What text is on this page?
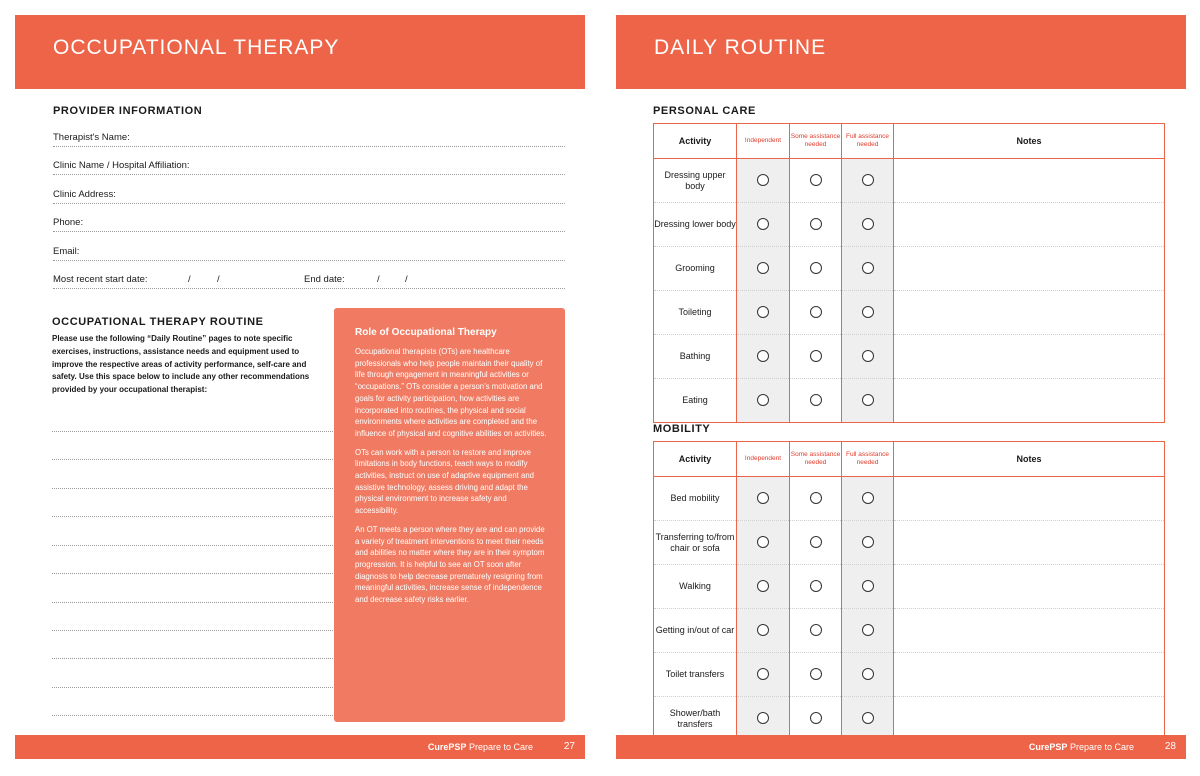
OCCUPATIONAL THERAPY
PROVIDER INFORMATION
Therapist's Name:
Clinic Name / Hospital Affiliation:
Clinic Address:
Phone:
Email:
Most recent start date:	/	/	End date:	/	/
OCCUPATIONAL THERAPY ROUTINE
Please use the following “Daily Routine” pages to note specific exercises, instructions, assistance needs and equipment used to improve the respective areas of activity performance, self-care and safety. Use this space below to include any other recommendations provided by your occupational therapist:
Role of Occupational Therapy

Occupational therapists (OTs) are healthcare professionals who help people maintain their quality of life through engagement in meaningful activities or “occupations.” OTs consider a person’s motivation and goals for activity participation, how activities are incorporated into routines, the physical and social environments where activities are completed and the influence of physical and cognitive abilities on activities.

OTs can work with a person to restore and improve limitations in body functions, teach ways to modify activities, instruct on use of adaptive equipment and assistive technology, assess driving and adapt the physical environment to increase safety and accessibility.

An OT meets a person where they are and can provide a variety of treatment interventions to meet their needs and abilities no matter where they are in their symptom progression. It is helpful to see an OT soon after diagnosis to help decrease prematurely resigning from meaningful activities, increase sense of independence and decrease safety risks earlier.

CurePSP Prepare to Care	27
DAILY ROUTINE
PERSONAL CARE
Activity	Independent	Some assistance needed	Full assistance needed	Notes
Dressing upper body				
Dressing lower body				
Grooming				
Toileting				
Bathing				
Eating				
MOBILITY
Activity	Independent	Some assistance needed	Full assistance needed	Notes
Bed mobility				
Transferring to/from chair or sofa				
Walking				
Getting in/out of car				
Toilet transfers				
Shower/bath transfers				
CurePSP Prepare to Care	28
